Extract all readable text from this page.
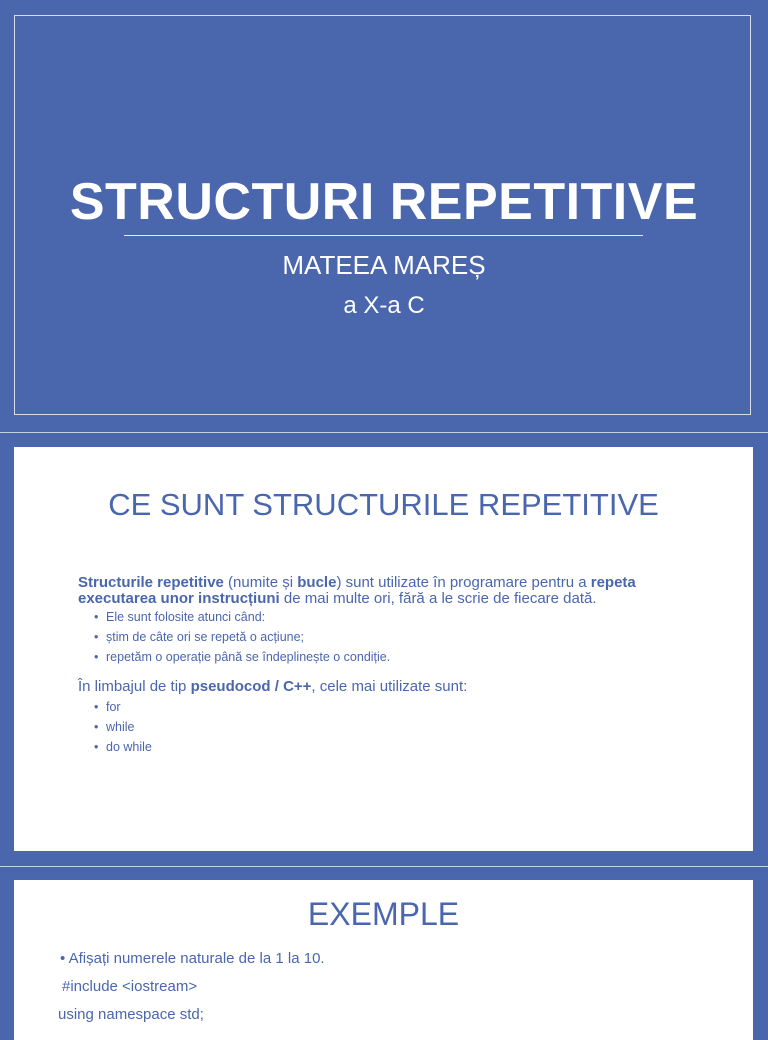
STRUCTURI REPETITIVE
MATEEA MAREȘ
a X-a C
CE SUNT STRUCTURILE REPETITIVE

Structurile repetitive (numite și bucle) sunt utilizate în programare pentru a repeta executarea unor instrucțiuni de mai multe ori, fără a le scrie de fiecare dată.

• Ele sunt folosite atunci când:
• știm de câte ori se repetă o acțiune;
• repetăm o operație până se îndeplinește o condiție.

În limbajul de tip pseudocod / C++, cele mai utilizate sunt:

• for
• while
• do while
EXEMPLE
• Afișați numerele naturale de la 1 la 10.
#include <iostream>
using namespace std;
